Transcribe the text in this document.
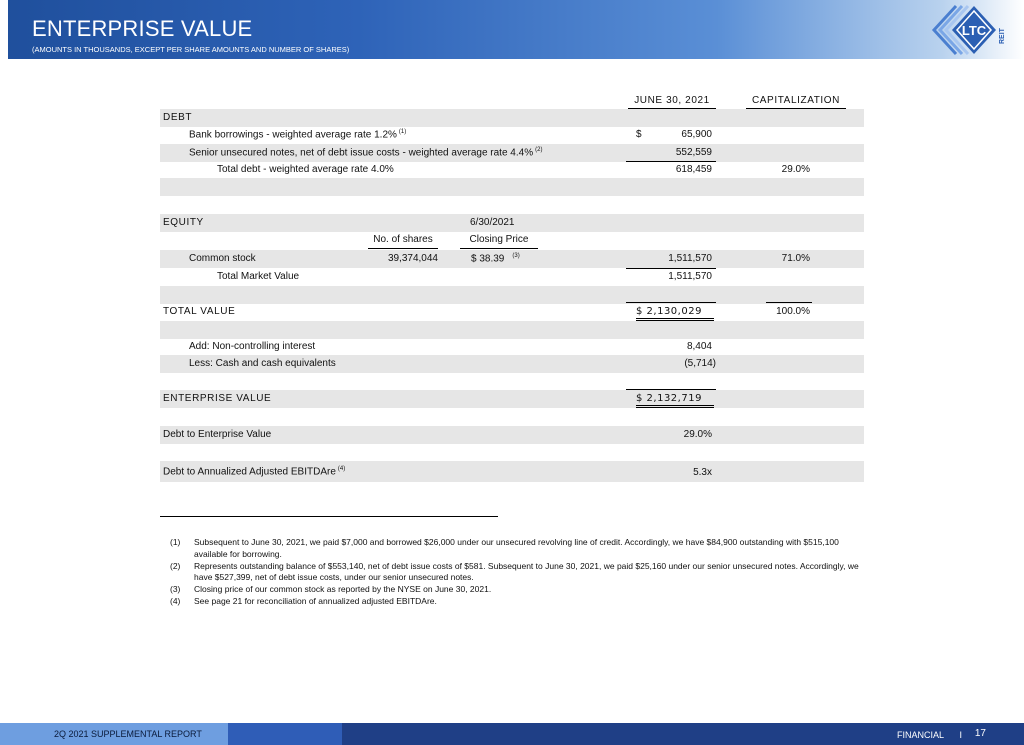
ENTERPRISE VALUE
(AMOUNTS IN THOUSANDS, EXCEPT PER SHARE AMOUNTS AND NUMBER OF SHARES)
LTC REIT
JUNE 30, 2021	CAPITALIZATION
DEBT
Bank borrowings - weighted average rate 1.2% $^{(1)}$	$	65,900
Senior unsecured notes, net of debt issue costs - weighted average rate 4.4% $^{(2)}$	552,559
Total debt - weighted average rate 4.0%	618,459	29.0%
EQUITY	6/30/2021
No. of shares	Closing Price
Common stock	39,374,044	$ 38.39 $^{(3)}$	1,511,570	71.0%
Total Market Value	1,511,570
TOTAL VALUE	$ 2,130,029	100.0%
Add: Non-controlling interest	8,404
Less: Cash and cash equivalents	(5,714)
ENTERPRISE VALUE	$ 2,132,719
Debt to Enterprise Value	29.0%
Debt to Annualized Adjusted EBITDAre $^{(4)}$	5.3x
(1)	Subsequent to June 30, 2021, we paid $7,000 and borrowed $26,000 under our unsecured revolving line of credit. Accordingly, we have $84,900 outstanding with $515,100 available for borrowing.
(2)	Represents outstanding balance of $553,140, net of debt issue costs of $581. Subsequent to June 30, 2021, we paid $25,160 under our senior unsecured notes. Accordingly, we have $527,399, net of debt issue costs, under our senior unsecured notes.
(3)	Closing price of our common stock as reported by the NYSE on June 30, 2021.
(4)	See page 21 for reconciliation of annualized adjusted EBITDAre.
2Q 2021 SUPPLEMENTAL REPORT	FINANCIAL I 17
